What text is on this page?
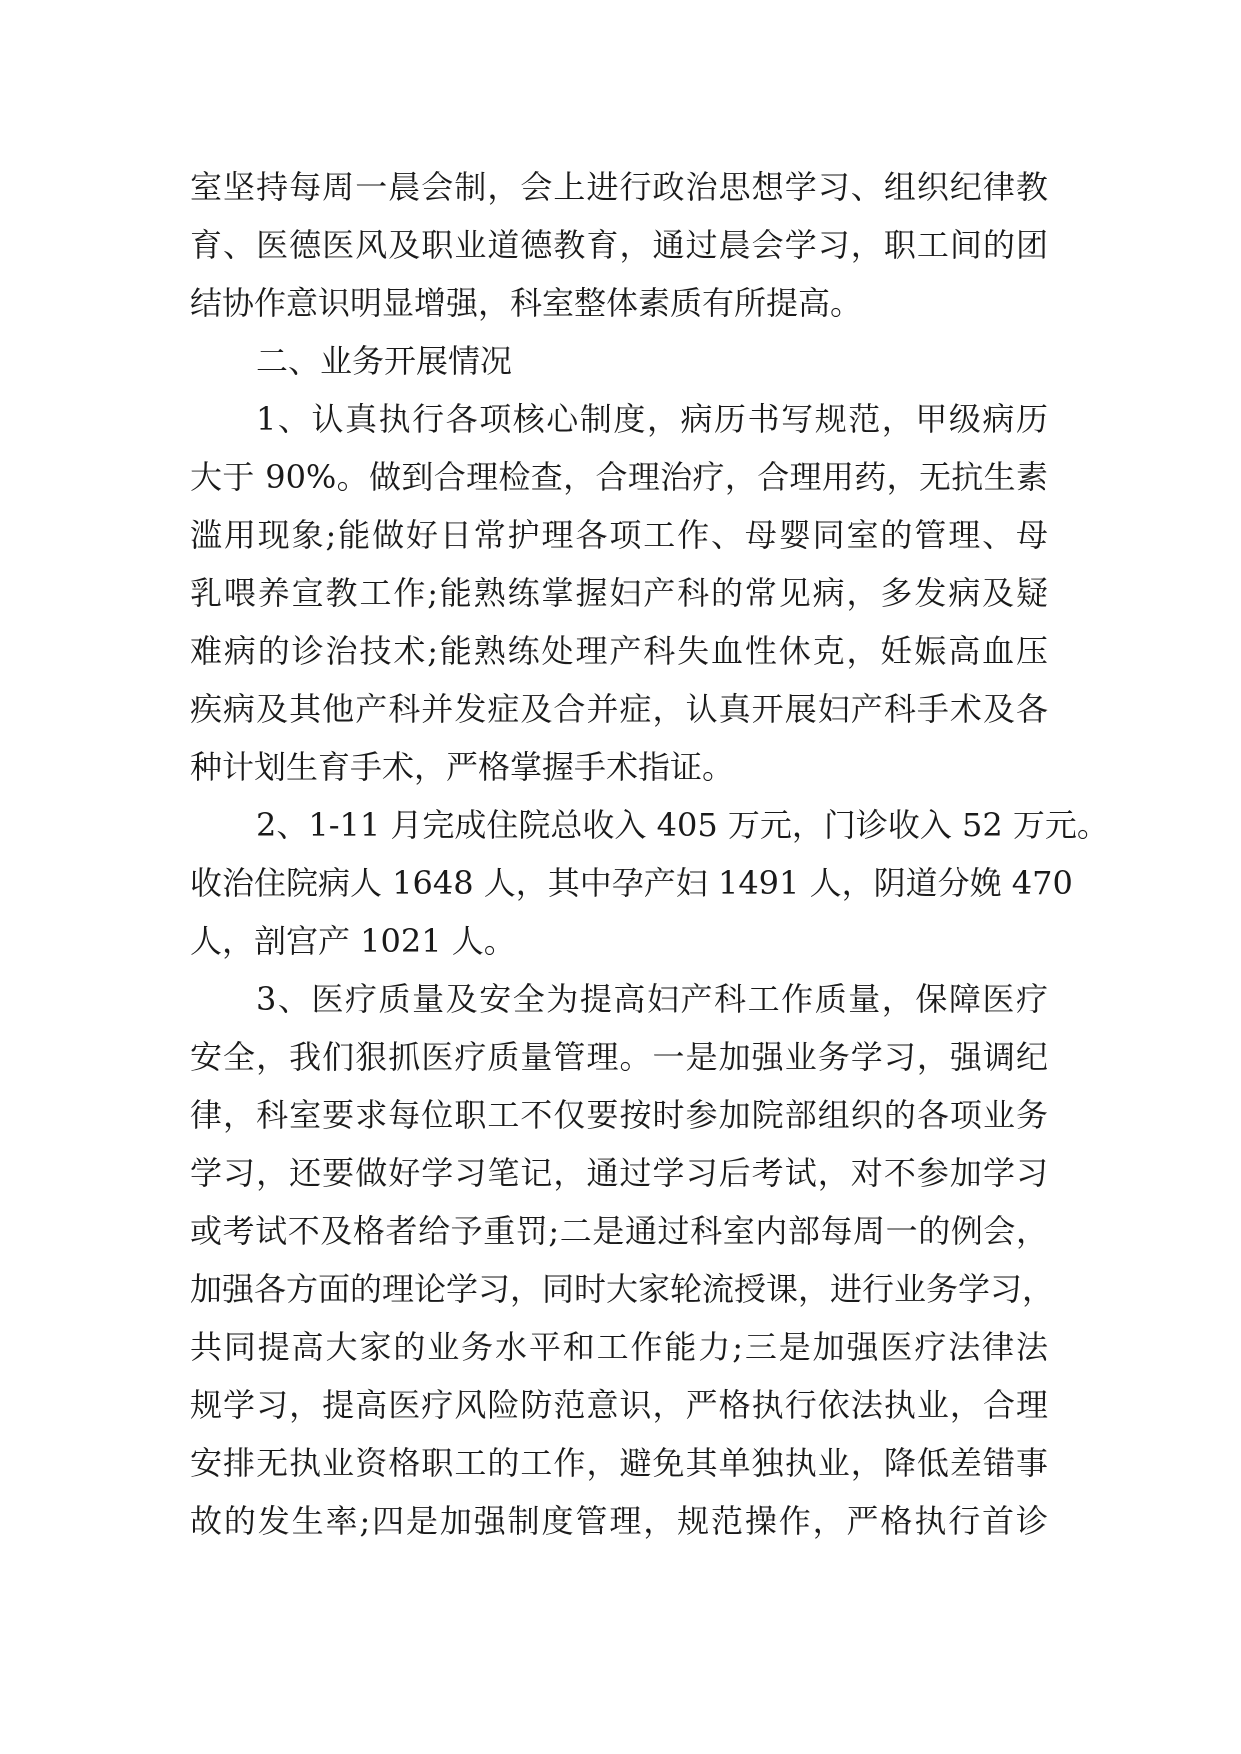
室坚持每周一晨会制，会上进行政治思想学习、组织纪律教
育、医德医风及职业道德教育，通过晨会学习，职工间的团
结协作意识明显增强，科室整体素质有所提高。
二、业务开展情况
1、认真执行各项核心制度，病历书写规范，甲级病历
大于 90%。做到合理检查，合理治疗，合理用药，无抗生素
滥用现象;能做好日常护理各项工作、母婴同室的管理、母
乳喂养宣教工作;能熟练掌握妇产科的常见病，多发病及疑
难病的诊治技术;能熟练处理产科失血性休克，妊娠高血压
疾病及其他产科并发症及合并症，认真开展妇产科手术及各
种计划生育手术，严格掌握手术指证。
2、1-11 月完成住院总收入 405 万元，门诊收入 52 万元。
收治住院病人 1648 人，其中孕产妇 1491 人，阴道分娩 470
人，剖宫产 1021 人。
3、医疗质量及安全为提高妇产科工作质量，保障医疗
安全，我们狠抓医疗质量管理。一是加强业务学习，强调纪
律，科室要求每位职工不仅要按时参加院部组织的各项业务
学习，还要做好学习笔记，通过学习后考试，对不参加学习
或考试不及格者给予重罚;二是通过科室内部每周一的例会，
加强各方面的理论学习，同时大家轮流授课，进行业务学习，
共同提高大家的业务水平和工作能力;三是加强医疗法律法
规学习，提高医疗风险防范意识，严格执行依法执业，合理
安排无执业资格职工的工作，避免其单独执业，降低差错事
故的发生率;四是加强制度管理，规范操作，严格执行首诊
